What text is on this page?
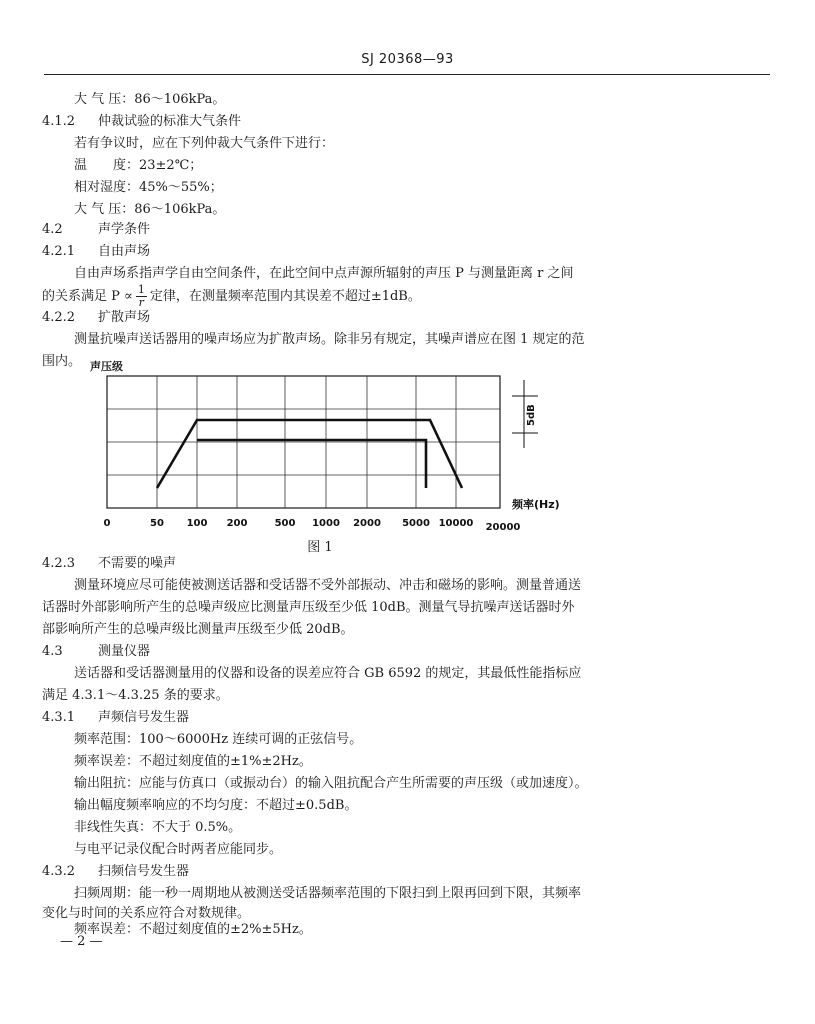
SJ 20368—93
大 气 压：86～106kPa。
4.1.2 仲裁试验的标准大气条件
若有争议时，应在下列仲裁大气条件下进行：
温　　度：23±2℃；
相对湿度：45%～55%；
大 气 压：86～106kPa。
4.2	声学条件
4.2.1 自由声场
自由声场系指声学自由空间条件，在此空间中点声源所辐射的声压 P 与测量距离 r 之间
的关系满足 $P \propto \frac{1}{r}$ 定律，在测量频率范围内其误差不超过±1dB。
4.2.2 扩散声场
测量抗噪声送话器用的噪声场应为扩散声场。除非另有规定，其噪声谱应在图 1 规定的范
围内。 声压级
5dB
频率(Hz)
0	50 100 200	500 1000 2000 5000 10000 20000
图 1
4.2.3 不需要的噪声
测量环境应尽可能使被测送话器和受话器不受外部振动、冲击和磁场的影响。测量普通送
话器时外部影响所产生的总噪声级应比测量声压级至少低 10dB。测量气导抗噪声送话器时外
部影响所产生的总噪声级比测量声压级至少低 20dB。
4.3	测量仪器
送话器和受话器测量用的仪器和设备的误差应符合 GB 6592 的规定，其最低性能指标应
满足 4.3.1～4.3.25 条的要求。
4.3.1 声频信号发生器
频率范围：100～6000Hz 连续可调的正弦信号。
频率误差：不超过刻度值的±1%±2Hz。
输出阻抗：应能与仿真口（或振动台）的输入阻抗配合产生所需要的声压级（或加速度）。
输出幅度频率响应的不均匀度：不超过±0.5dB。
非线性失真：不大于 0.5%。
与电平记录仪配合时两者应能同步。
4.3.2 扫频信号发生器
扫频周期：能一秒一周期地从被测送受话器频率范围的下限扫到上限再回到下限，其频率
变化与时间的关系应符合对数规律。
频率误差：不超过刻度值的±2%±5Hz。
— 2 —
